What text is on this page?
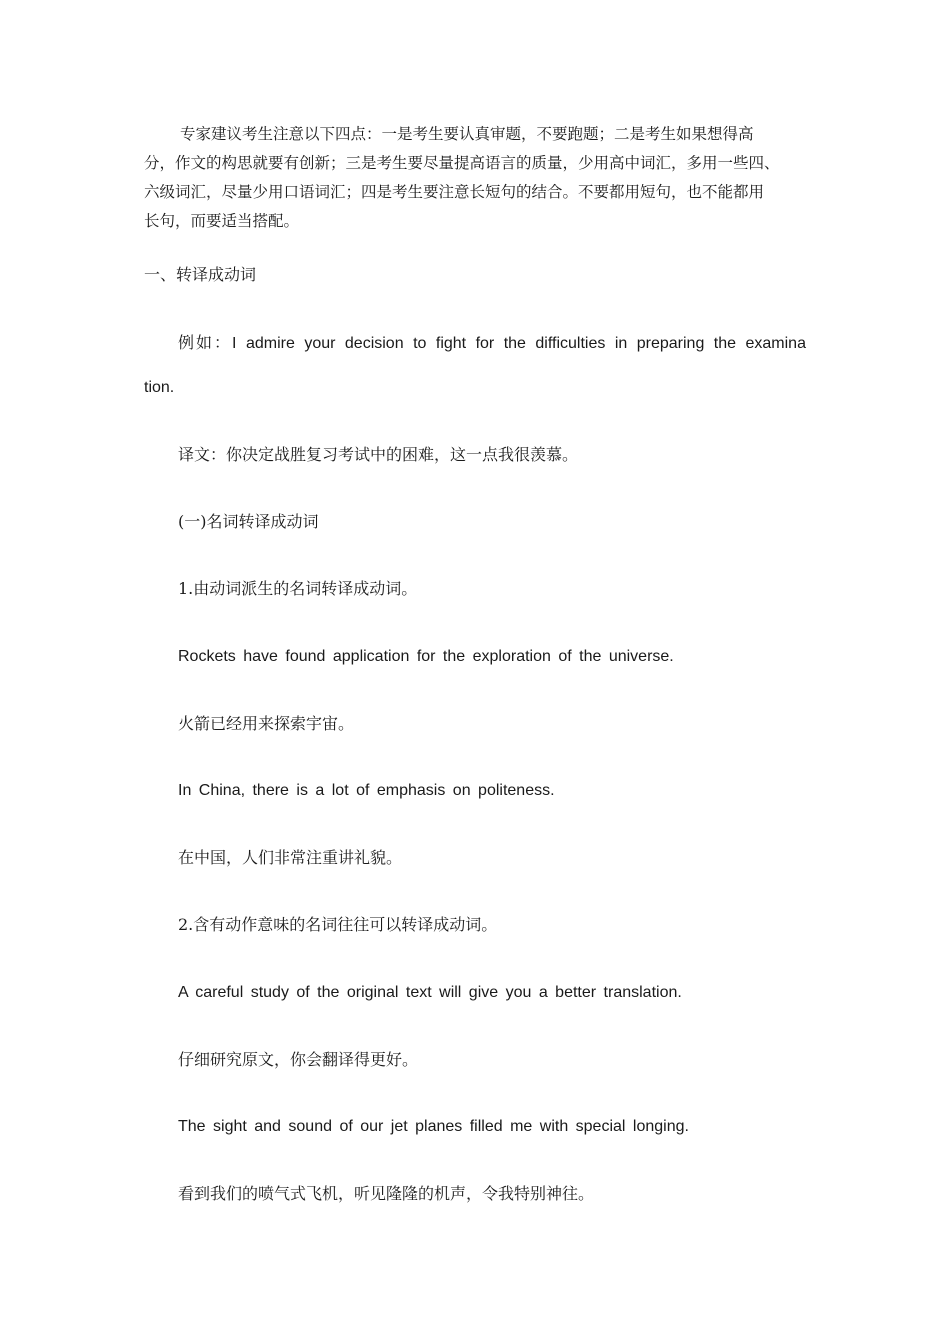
专家建议考生注意以下四点：一是考生要认真审题，不要跑题；二是考生如果想得高
分，作文的构思就要有创新；三是考生要尽量提高语言的质量，少用高中词汇，多用一些四、
六级词汇，尽量少用口语词汇；四是考生要注意长短句的结合。不要都用短句，也不能都用
长句，而要适当搭配。
一、转译成动词
例如：I admire your decision to fight for the difficulties in preparing the examina
tion.
译文：你决定战胜复习考试中的困难，这一点我很羡慕。
(一)名词转译成动词
1.由动词派生的名词转译成动词。
Rockets have found application for the exploration of the universe.
火箭已经用来探索宇宙。
In China, there is a lot of emphasis on politeness.
在中国，人们非常注重讲礼貌。
2.含有动作意味的名词往往可以转译成动词。
A careful study of the original text will give you a better translation.
仔细研究原文，你会翻译得更好。
The sight and sound of our jet planes filled me with special longing.
看到我们的喷气式飞机，听见隆隆的机声，令我特别神往。
